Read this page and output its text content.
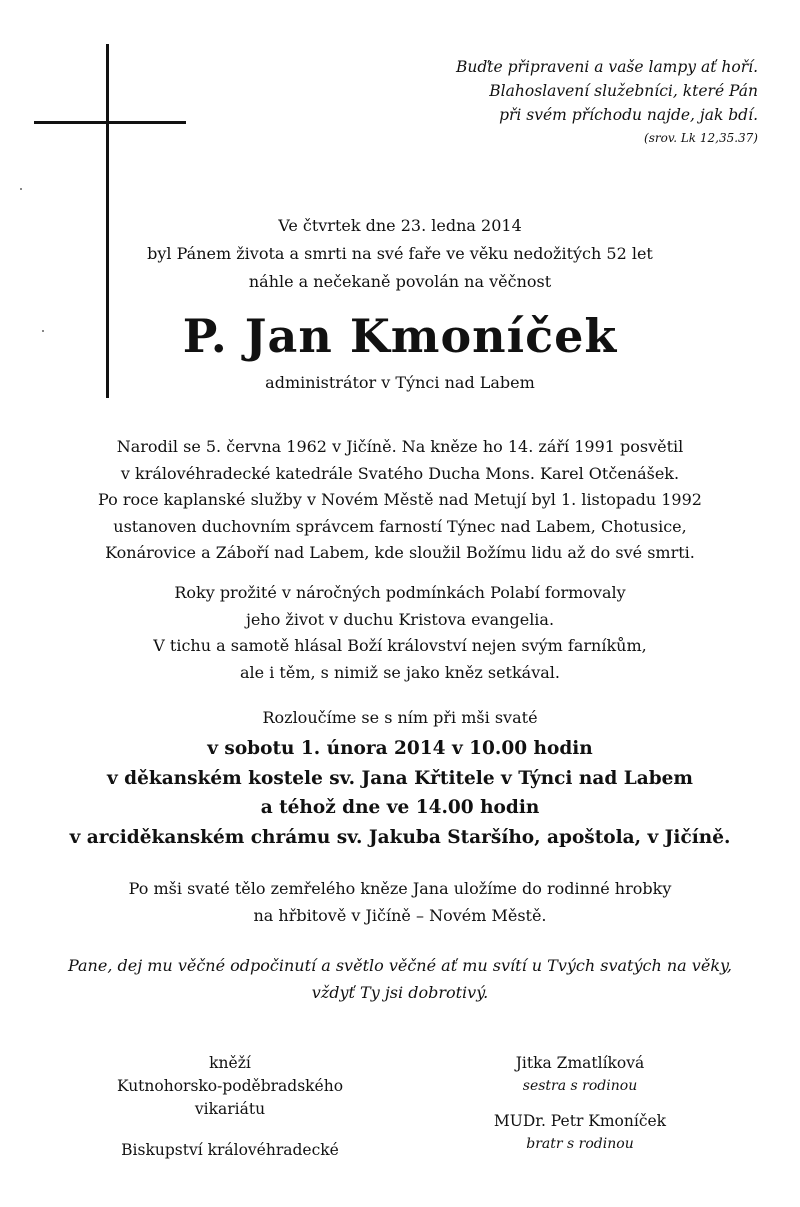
Buďte připraveni a vaše lampy ať hoří.
Blahoslavení služebníci, které Pán
při svém příchodu najde, jak bdí.
(srov. Lk 12,35.37)
Ve čtvrtek dne 23. ledna 2014
byl Pánem života a smrti na své faře ve věku nedožitých 52 let
náhle a nečekaně povolán na věčnost
P. Jan Kmoníček
administrátor v Týnci nad Labem
Narodil se 5. června 1962 v Jičíně. Na kněze ho 14. září 1991 posvětil
v královéhradecké katedrále Svatého Ducha Mons. Karel Otčenášek.
Po roce kaplanské služby v Novém Městě nad Metují byl 1. listopadu 1992
ustanoven duchovním správcem farností Týnec nad Labem, Chotusice,
Konárovice a Záboří nad Labem, kde sloužil Božímu lidu až do své smrti.
Roky prožité v náročných podmínkách Polabí formovaly
jeho život v duchu Kristova evangelia.
V tichu a samotě hlásal Boží království nejen svým farníkům,
ale i těm, s nimiž se jako kněz setkával.
Rozloučíme se s ním při mši svaté
v sobotu 1. února 2014 v 10.00 hodin
v děkanském kostele sv. Jana Křtitele v Týnci nad Labem
a téhož dne ve 14.00 hodin
v arciděkanském chrámu sv. Jakuba Staršího, apoštola, v Jičíně.
Po mši svaté tělo zemřelého kněze Jana uložíme do rodinné hrobky
na hřbitově v Jičíně – Novém Městě.
Pane, dej mu věčné odpočinutí a světlo věčné ať mu svítí u Tvých svatých na věky,
vždyť Ty jsi dobrotivý.
kněží
Kutnohorsko-poděbradského
vikariátu
Biskupství královéhradecké
Jitka Zmatlíková
sestra s rodinou
MUDr. Petr Kmoníček
bratr s rodinou
